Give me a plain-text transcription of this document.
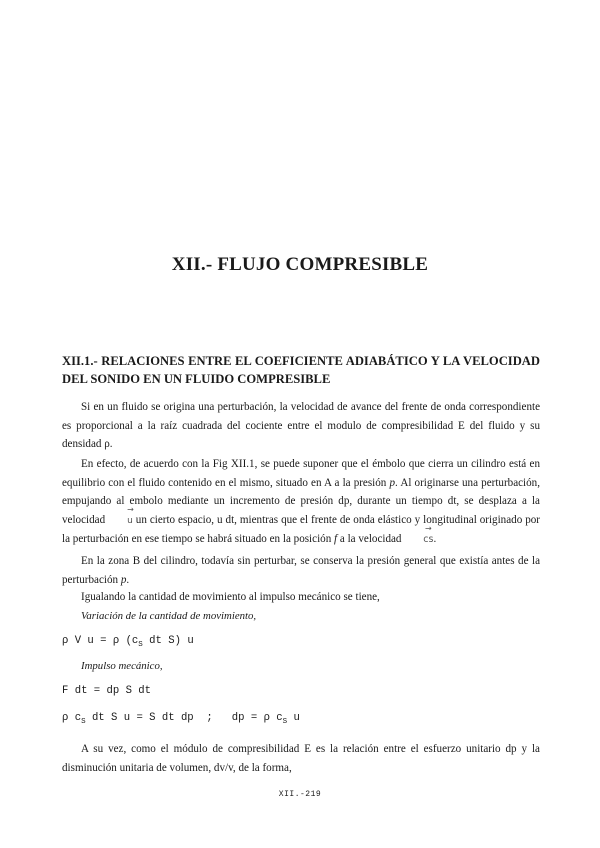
XII.- FLUJO COMPRESIBLE
XII.1.- RELACIONES ENTRE EL COEFICIENTE ADIABÁTICO Y LA VELOCIDAD
DEL SONIDO EN UN FLUIDO COMPRESIBLE
Si en un fluido se origina una perturbación, la velocidad de avance del frente de onda correspondiente es proporcional a la raíz cuadrada del cociente entre el modulo de compresibilidad E del fluido y su densidad ρ.
En efecto, de acuerdo con la Fig XII.1, se puede suponer que el émbolo que cierra un cilindro está en equilibrio con el fluido contenido en el mismo, situado en A a la presión p. Al originarse una perturbación, empujando al embolo mediante un incremento de presión dp, durante un tiempo dt, se desplaza a la velocidad
→
u un cierto espacio, u dt, mientras que el frente de onda elástico y longitudinal originado por la perturbación en ese tiempo se habrá situado en la posición f a la velocidad
→
cs.
En la zona B del cilindro, todavía sin perturbar, se conserva la presión general que existía antes de la perturbación p.
Igualando la cantidad de movimiento al impulso mecánico se tiene,
Variación de la cantidad de movimiento,
ρ V u = ρ ($c_S$ dt S) u
Impulso mecánico,
F dt = dp S dt
ρ $c_S$ dt S u = S dt dp  ;   dp = ρ $c_S$ u
A su vez, como el módulo de compresibilidad E es la relación entre el esfuerzo unitario dp y la disminución unitaria de volumen, dv/v, de la forma,
XII.-219
